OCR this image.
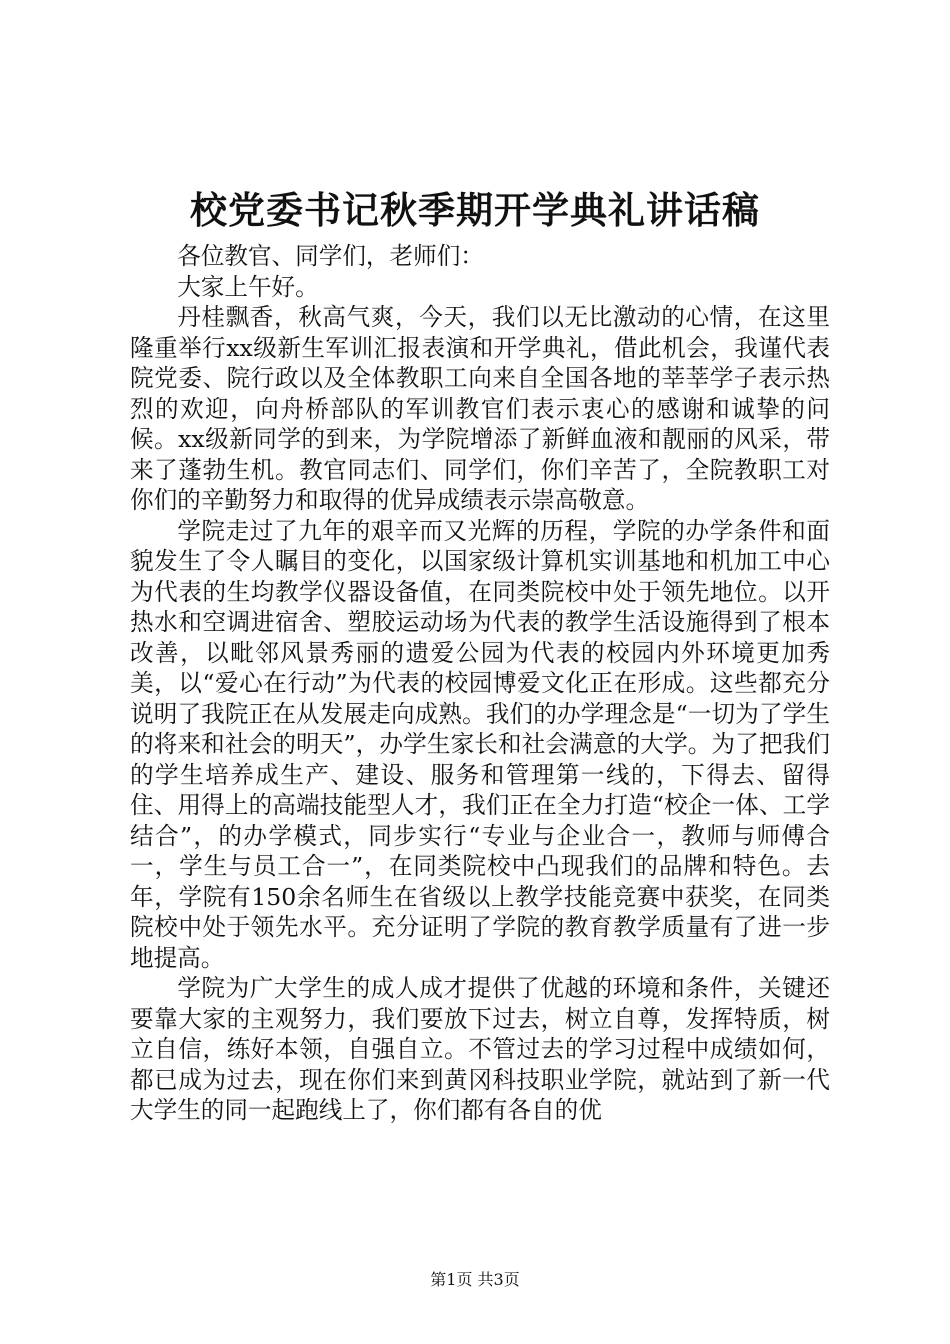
校党委书记秋季期开学典礼讲话稿

各位教官、同学们，老师们：

大家上午好。

丹桂飘香，秋高气爽，今天，我们以无比激动的心情，在这里隆重举行xx级新生军训汇报表演和开学典礼，借此机会，我谨代表院党委、院行政以及全体教职工向来自全国各地的莘莘学子表示热烈的欢迎，向舟桥部队的军训教官们表示衷心的感谢和诚挚的问候。xx级新同学的到来，为学院增添了新鲜血液和靓丽的风采，带来了蓬勃生机。教官同志们、同学们，你们辛苦了，全院教职工对你们的辛勤努力和取得的优异成绩表示崇高敬意。

学院走过了九年的艰辛而又光辉的历程，学院的办学条件和面貌发生了令人瞩目的变化，以国家级计算机实训基地和机加工中心为代表的生均教学仪器设备值，在同类院校中处于领先地位。以开热水和空调进宿舍、塑胶运动场为代表的教学生活设施得到了根本改善，以毗邻风景秀丽的遗爱公园为代表的校园内外环境更加秀美，以“爱心在行动”为代表的校园博爱文化正在形成。这些都充分说明了我院正在从发展走向成熟。我们的办学理念是“一切为了学生的将来和社会的明天”，办学生家长和社会满意的大学。为了把我们的学生培养成生产、建设、服务和管理第一线的，下得去、留得住、用得上的高端技能型人才，我们正在全力打造“校企一体、工学结合”，的办学模式，同步实行“专业与企业合一，教师与师傅合一，学生与员工合一”，在同类院校中凸现我们的品牌和特色。去年，学院有150余名师生在省级以上教学技能竞赛中获奖，在同类院校中处于领先水平。充分证明了学院的教育教学质量有了进一步地提高。

学院为广大学生的成人成才提供了优越的环境和条件，关键还要靠大家的主观努力，我们要放下过去，树立自尊，发挥特质，树立自信，练好本领，自强自立。不管过去的学习过程中成绩如何，都已成为过去，现在你们来到黄冈科技职业学院，就站到了新一代大学生的同一起跑线上了，你们都有各自的优

第1页 共3页
